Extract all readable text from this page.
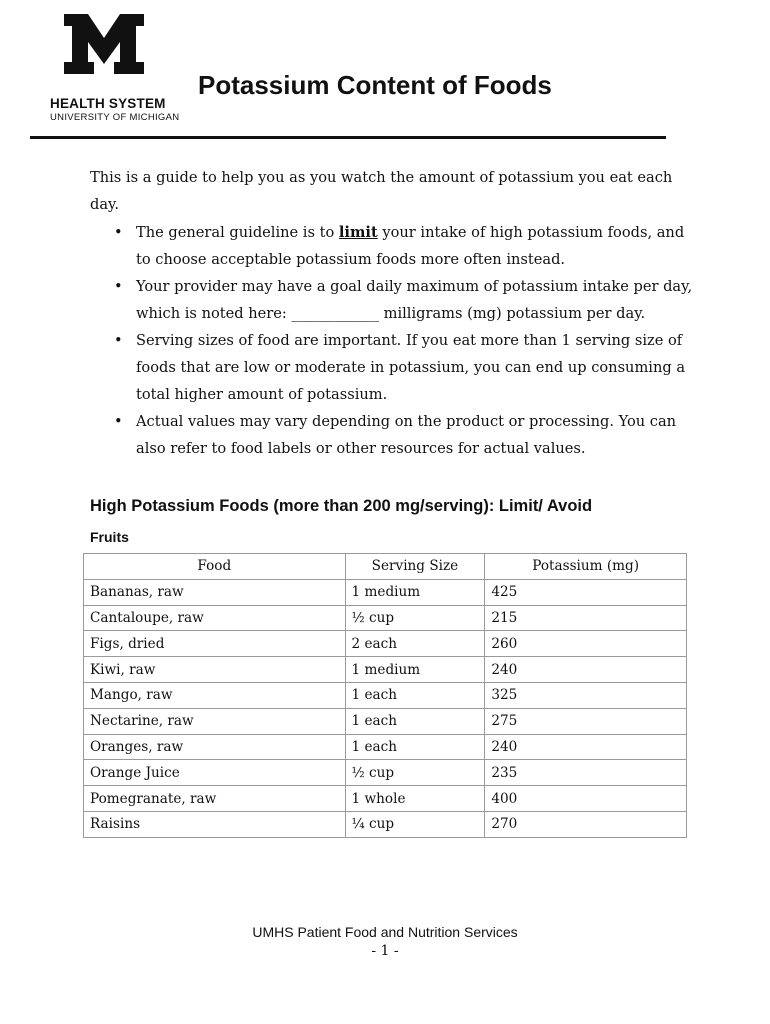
HEALTH SYSTEM
UNIVERSITY OF MICHIGAN
Potassium Content of Foods

This is a guide to help you as you watch the amount of potassium you eat each day.

• The general guideline is to limit your intake of high potassium foods, and to choose acceptable potassium foods more often instead.
• Your provider may have a goal daily maximum of potassium intake per day, which is noted here: ____________ milligrams (mg) potassium per day.
• Serving sizes of food are important. If you eat more than 1 serving size of foods that are low or moderate in potassium, you can end up consuming a total higher amount of potassium.
• Actual values may vary depending on the product or processing. You can also refer to food labels or other resources for actual values.
High Potassium Foods (more than 200 mg/serving): Limit/ Avoid
Fruits
Food	Serving Size	Potassium (mg)
Bananas, raw	1 medium	425
Cantaloupe, raw	½ cup	215
Figs, dried	2 each	260
Kiwi, raw	1 medium	240
Mango, raw	1 each	325
Nectarine, raw	1 each	275
Oranges, raw	1 each	240
Orange Juice	½ cup	235
Pomegranate, raw	1 whole	400
Raisins	¼ cup	270
UMHS Patient Food and Nutrition Services
- 1 -
